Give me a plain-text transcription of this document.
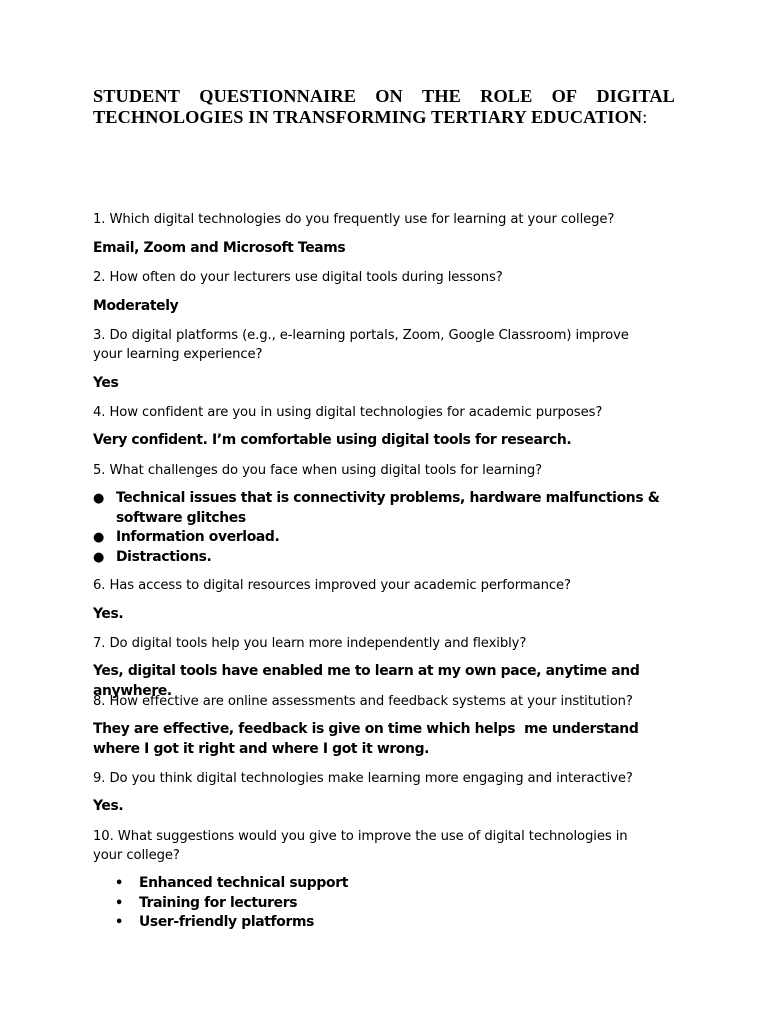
STUDENT QUESTIONNAIRE ON THE ROLE OF DIGITAL
TECHNOLOGIES IN TRANSFORMING TERTIARY EDUCATION:

1. Which digital technologies do you frequently use for learning at your college?

Email, Zoom and Microsoft Teams

2. How often do your lecturers use digital tools during lessons?

Moderately

3. Do digital platforms (e.g., e-learning portals, Zoom, Google Classroom) improve your learning experience?

Yes

4. How confident are you in using digital technologies for academic purposes?

Very confident. I’m comfortable using digital tools for research.

5. What challenges do you face when using digital tools for learning?

● Technical issues that is connectivity problems, hardware malfunctions & software glitches
● Information overload.
● Distractions.

6. Has access to digital resources improved your academic performance?

Yes.

7. Do digital tools help you learn more independently and flexibly?

Yes, digital tools have enabled me to learn at my own pace, anytime and anywhere.

8. How effective are online assessments and feedback systems at your institution?

They are effective, feedback is give on time which helps  me understand where I got it right and where I got it wrong.

9. Do you think digital technologies make learning more engaging and interactive?

Yes.

10. What suggestions would you give to improve the use of digital technologies in your college?

• Enhanced technical support
• Training for lecturers
• User-friendly platforms
